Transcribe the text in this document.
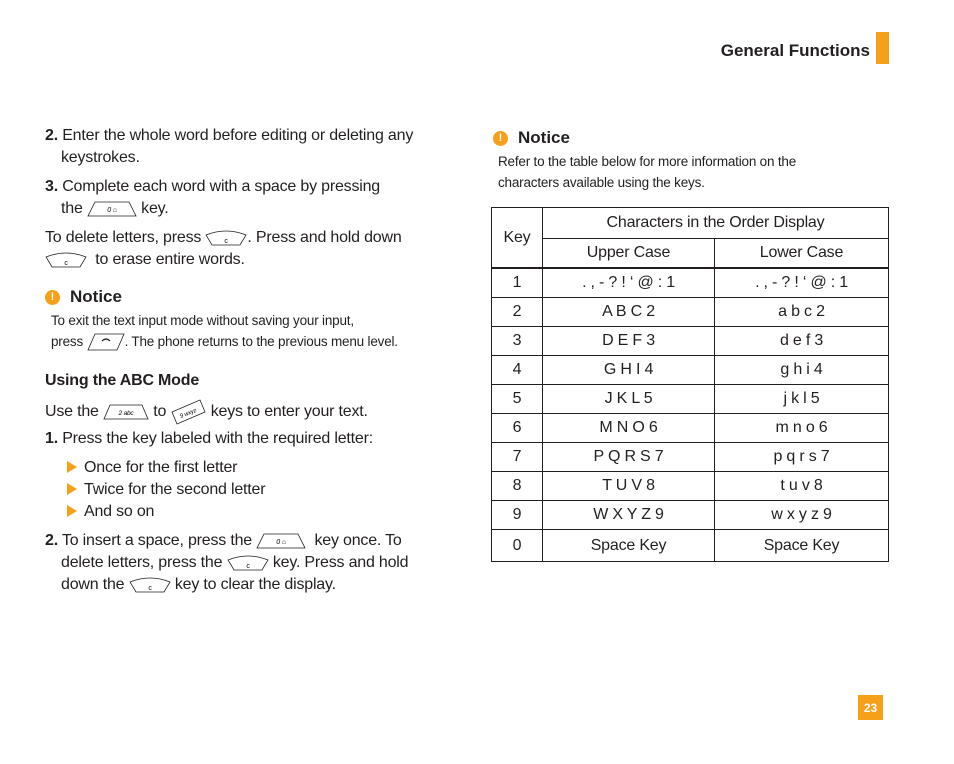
General Functions
2. Enter the whole word before editing or deleting any
keystrokes.
3. Complete each word with a space by pressing
the	0 ⌂ key.
To delete letters, press	c . Press and hold down

c to erase entire words.
! Notice
To exit the text input mode without saving your input,
press	. The phone returns to the previous menu level.
Using the ABC Mode
Use the	2 abc to 9 wxyz keys to enter your text.
1. Press the key labeled with the required letter:
Once for the first letter
Twice for the second letter
And so on
2. To insert a space, press the	0 ⌂ key once. To
delete letters, press the	c key. Press and hold
down the	c key to clear the display.
! Notice
Refer to the table below for more information on the
characters available using the keys.
Key	Characters in the Order Display	
	Upper Case	Lower Case
1	. , - ? ! ‘ @ : 1	. , - ? ! ‘ @ : 1
2	A B C 2	a b c 2
3	D E F 3	d e f 3
4	G H I 4	g h i 4
5	J K L 5	j k l 5
6	M N O 6	m n o 6
7	P Q R S 7	p q r s 7
8	T U V 8	t u v 8
9	W X Y Z 9	w x y z 9
0	Space Key	Space Key
23
